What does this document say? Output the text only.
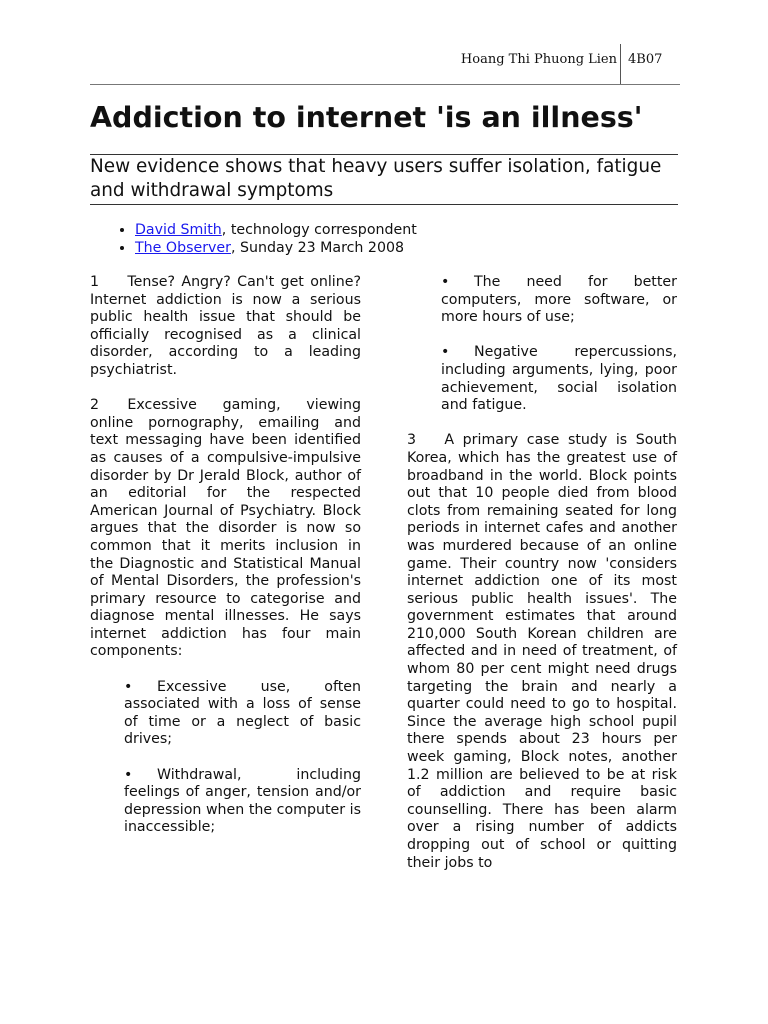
Hoang Thi Phuong Lien 4B07
Addiction to internet 'is an illness'
New evidence shows that heavy users suffer isolation, fatigue and withdrawal symptoms
• David Smith, technology correspondent
• The Observer, Sunday 23 March 2008

1  Tense? Angry? Can't get online? Internet addiction is now a serious public health issue that should be officially recognised as a clinical disorder, according to a leading psychiatrist.

2  Excessive gaming, viewing online pornography, emailing and text messaging have been identified as causes of a compulsive-impulsive disorder by Dr Jerald Block, author of an editorial for the respected American Journal of Psychiatry. Block argues that the disorder is now so common that it merits inclusion in the Diagnostic and Statistical Manual of Mental Disorders, the profession's primary resource to categorise and diagnose mental illnesses. He says internet addiction has four main components:

• Excessive use, often associated with a loss of sense of time or a neglect of basic drives;

• Withdrawal, including feelings of anger, tension and/or depression when the computer is inaccessible;

• The need for better computers, more software, or more hours of use;

• Negative repercussions, including arguments, lying, poor achievement, social isolation and fatigue.

3  A primary case study is South Korea, which has the greatest use of broadband in the world. Block points out that 10 people died from blood clots from remaining seated for long periods in internet cafes and another was murdered because of an online game. Their country now 'considers internet addiction one of its most serious public health issues'. The government estimates that around 210,000 South Korean children are affected and in need of treatment, of whom 80 per cent might need drugs targeting the brain and nearly a quarter could need to go to hospital. Since the average high school pupil there spends about 23 hours per week gaming, Block notes, another 1.2 million are believed to be at risk of addiction and require basic counselling. There has been alarm over a rising number of addicts dropping out of school or quitting their jobs to
